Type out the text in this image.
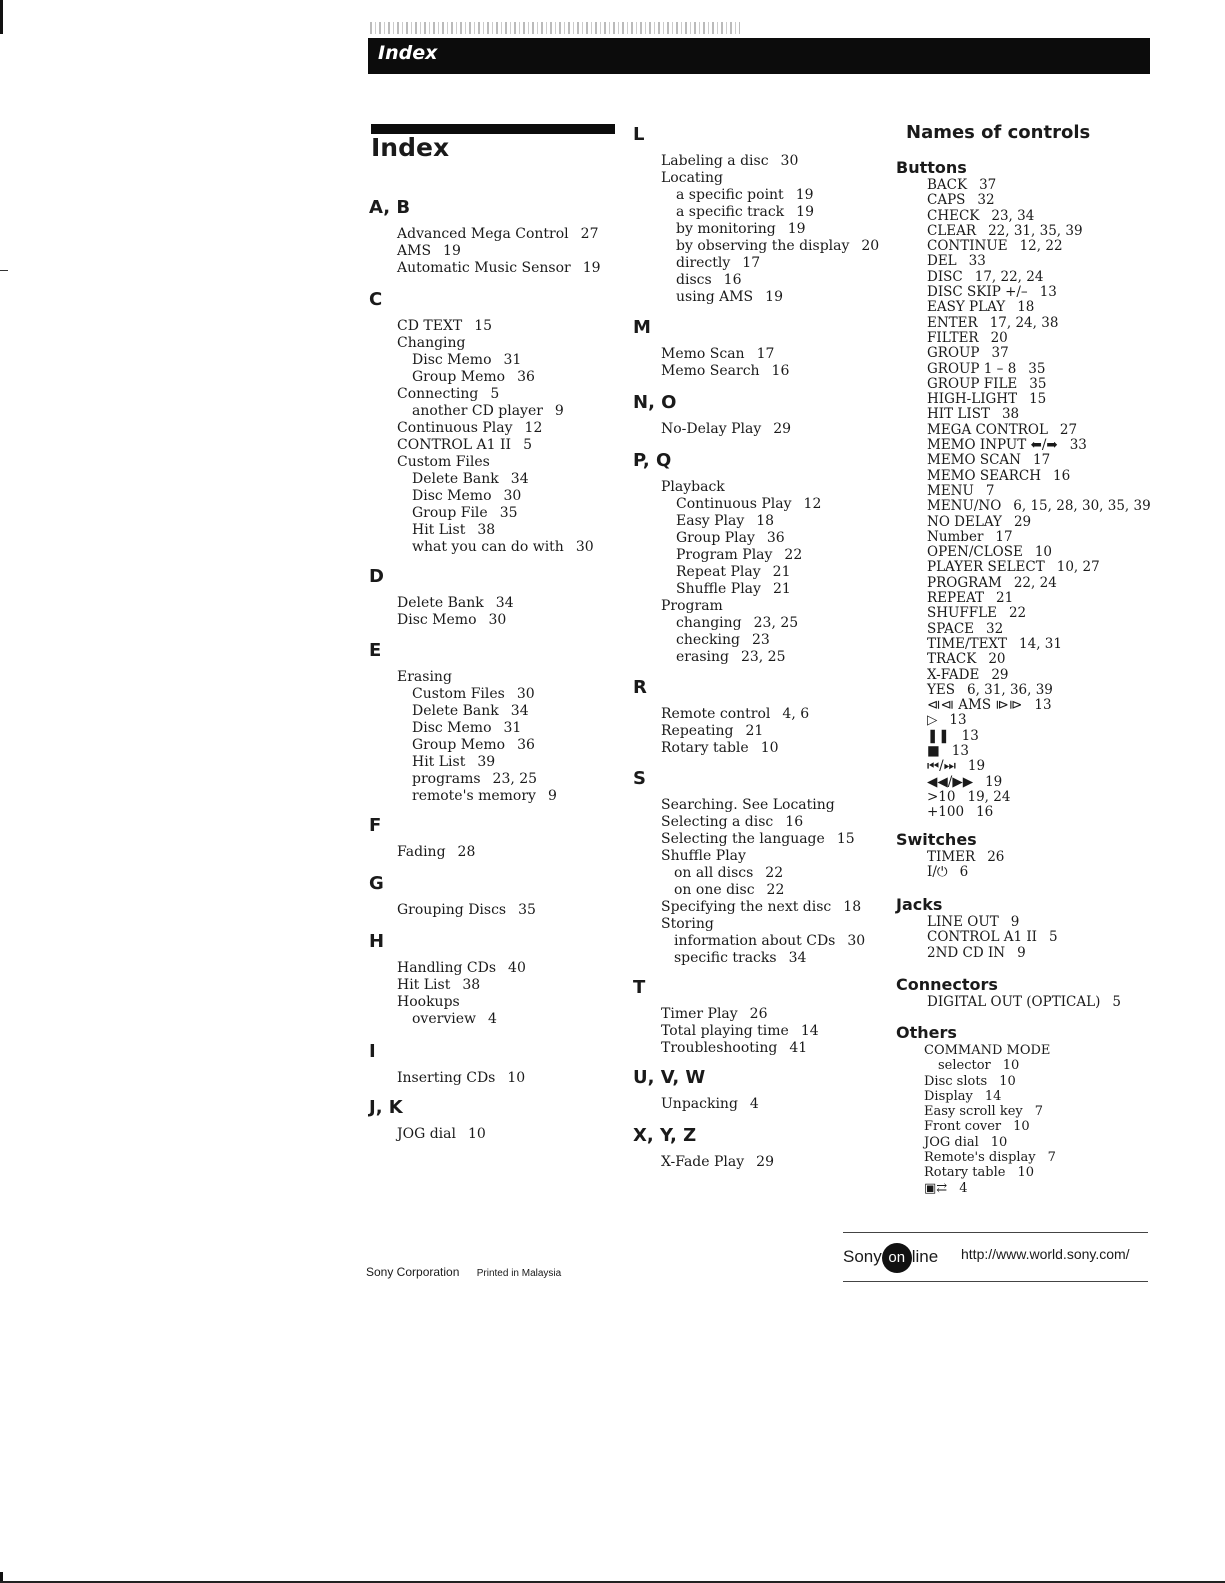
Index
Index
A, B
Advanced Mega Control 27
AMS 19
Automatic Music Sensor 19
C
CD TEXT 15
Changing
Disc Memo 31
Group Memo 36
Connecting 5
another CD player 9
Continuous Play 12
CONTROL A1 II 5
Custom Files
Delete Bank 34
Disc Memo 30
Group File 35
Hit List 38
what you can do with 30
D
Delete Bank 34
Disc Memo 30
E
Erasing
Custom Files 30
Delete Bank 34
Disc Memo 31
Group Memo 36
Hit List 39
programs 23, 25
remote's memory 9
F
Fading 28
G
Grouping Discs 35
H
Handling CDs 40
Hit List 38
Hookups
overview 4
I
Inserting CDs 10
J, K
JOG dial 10
L
Labeling a disc 30
Locating
a specific point 19
a specific track 19
by monitoring 19
by observing the display 20
directly 17
discs 16
using AMS 19
M
Memo Scan 17
Memo Search 16
N, O
No-Delay Play 29
P, Q
Playback
Continuous Play 12
Easy Play 18
Group Play 36
Program Play 22
Repeat Play 21
Shuffle Play 21
Program
changing 23, 25
checking 23
erasing 23, 25
R
Remote control 4, 6
Repeating 21
Rotary table 10
S
Searching. See Locating
Selecting a disc 16
Selecting the language 15
Shuffle Play
on all discs 22
on one disc 22
Specifying the next disc 18
Storing
information about CDs 30
specific tracks 34
T
Timer Play 26
Total playing time 14
Troubleshooting 41
U, V, W
Unpacking 4
X, Y, Z
X-Fade Play 29
Names of controls
Buttons
BACK 37
CAPS 32
CHECK 23, 34
CLEAR 22, 31, 35, 39
CONTINUE 12, 22
DEL 33
DISC 17, 22, 24
DISC SKIP +/– 13
EASY PLAY 18
ENTER 17, 24, 38
FILTER 20
GROUP 37
GROUP 1 – 8 35
GROUP FILE 35
HIGH-LIGHT 15
HIT LIST 38
MEGA CONTROL 27
MEMO INPUT ⬅/➡ 33
MEMO SCAN 17
MEMO SEARCH 16
MENU 7
MENU/NO 6, 15, 28, 30, 35, 39
NO DELAY 29
Number 17
OPEN/CLOSE 10
PLAYER SELECT 10, 27
PROGRAM 22, 24
REPEAT 21
SHUFFLE 22
SPACE 32
TIME/TEXT 14, 31
TRACK 20
X-FADE 29
YES 6, 31, 36, 39
⧏⧏ AMS ⧐⧐ 13
▷ 13
❚❚ 13
■ 13
⏮/⏭ 19
◀◀/▶▶ 19
>10 19, 24
+100 16
Switches
TIMER 26
I/⏻ 6
Jacks
LINE OUT 9
CONTROL A1 II 5
2ND CD IN 9
Connectors
DIGITAL OUT (OPTICAL) 5
Others
COMMAND MODE
selector 10
Disc slots 10
Display 14
Easy scroll key 7
Front cover 10
JOG dial 10
Remote's display 7
Rotary table 10
▣⇄ 4
Sony Corporation Printed in Malaysia
Sony on line http://www.world.sony.com/
